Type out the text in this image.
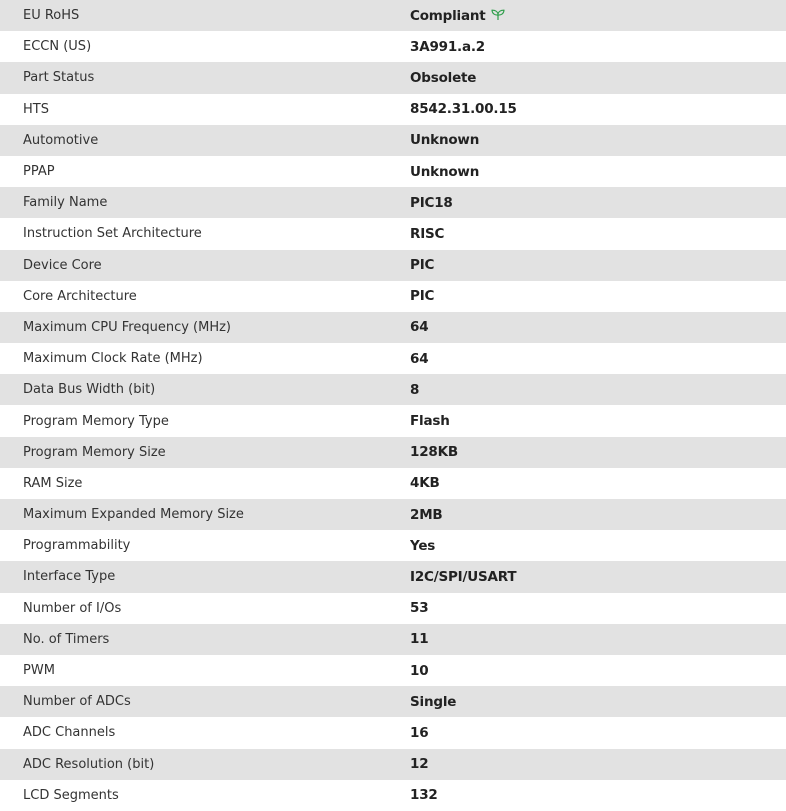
EU RoHS	Compliant
ECCN (US)	3A991.a.2
Part Status	Obsolete
HTS	8542.31.00.15
Automotive	Unknown
PPAP	Unknown
Family Name	PIC18
Instruction Set Architecture	RISC
Device Core	PIC
Core Architecture	PIC
Maximum CPU Frequency (MHz)	64
Maximum Clock Rate (MHz)	64
Data Bus Width (bit)	8
Program Memory Type	Flash
Program Memory Size	128KB
RAM Size	4KB
Maximum Expanded Memory Size	2MB
Programmability	Yes
Interface Type	I2C/SPI/USART
Number of I/Os	53
No. of Timers	11
PWM	10
Number of ADCs	Single
ADC Channels	16
ADC Resolution (bit)	12
LCD Segments	132
